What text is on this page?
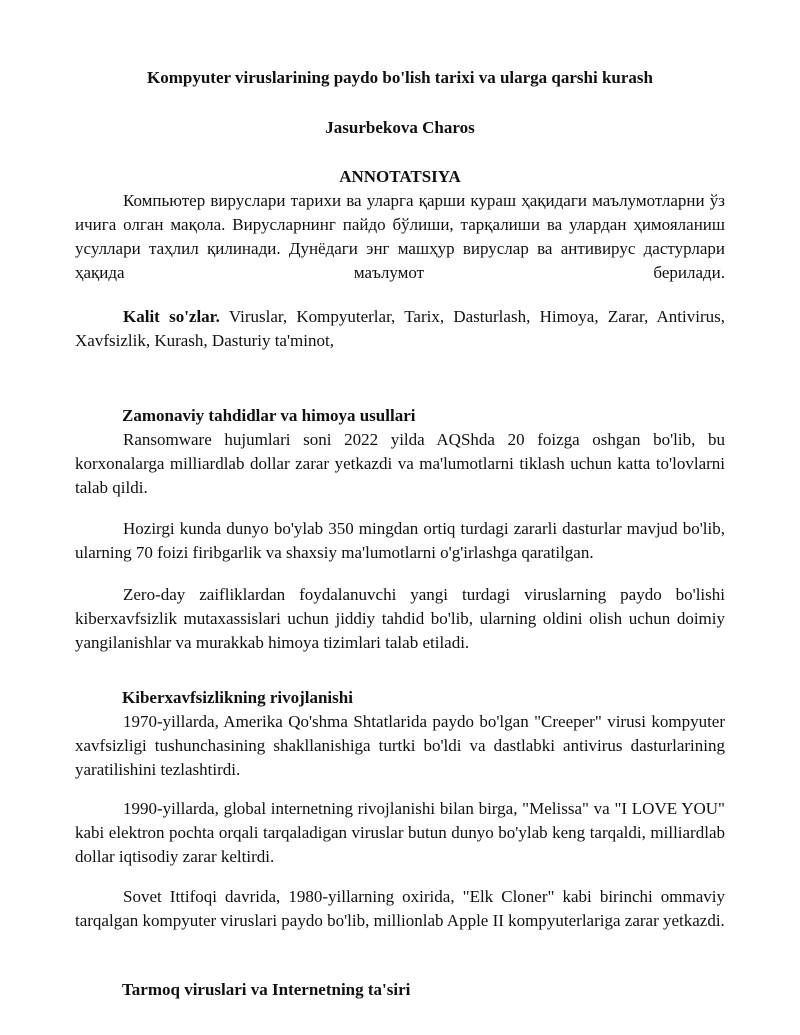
Kompyuter viruslarining paydo bo'lish tarixi va ularga qarshi kurash
Jasurbekova Charos
ANNOTATSIYA
Компьютер вируслари тарихи ва уларга қарши кураш ҳақидаги маълумотларни ўз ичига олган мақола. Вирусларнинг пайдо бўлиши, тарқалиши ва улардан ҳимояланиш усуллари таҳлил қилинади. Дунёдаги энг машҳур вируслар ва антивирус дастурлари ҳақида маълумот берилади.
Kalit so'zlar. Viruslar, Kompyuterlar, Tarix, Dasturlash, Himoya, Zarar, Antivirus, Xavfsizlik, Kurash, Dasturiy ta'minot,
Zamonaviy tahdidlar va himoya usullari
Ransomware hujumlari soni 2022 yilda AQShda 20 foizga oshgan bo'lib, bu korxonalarga milliardlab dollar zarar yetkazdi va ma'lumotlarni tiklash uchun katta to'lovlarni talab qildi.
Hozirgi kunda dunyo bo'ylab 350 mingdan ortiq turdagi zararli dasturlar mavjud bo'lib, ularning 70 foizi firibgarlik va shaxsiy ma'lumotlarni o'g'irlashga qaratilgan.
Zero-day zaifliklardan foydalanuvchi yangi turdagi viruslarning paydo bo'lishi kiberxavfsizlik mutaxassislari uchun jiddiy tahdid bo'lib, ularning oldini olish uchun doimiy yangilanishlar va murakkab himoya tizimlari talab etiladi.
Kiberxavfsizlikning rivojlanishi
1970-yillarda, Amerika Qo'shma Shtatlarida paydo bo'lgan "Creeper" virusi kompyuter xavfsizligi tushunchasining shakllanishiga turtki bo'ldi va dastlabki antivirus dasturlarining yaratilishini tezlashtirdi.
1990-yillarda, global internetning rivojlanishi bilan birga, "Melissa" va "I LOVE YOU" kabi elektron pochta orqali tarqaladigan viruslar butun dunyo bo'ylab keng tarqaldi, milliardlab dollar iqtisodiy zarar keltirdi.
Sovet Ittifoqi davrida, 1980-yillarning oxirida, "Elk Cloner" kabi birinchi ommaviy tarqalgan kompyuter viruslari paydo bo'lib, millionlab Apple II kompyuterlariga zarar yetkazdi.
Tarmoq viruslari va Internetning ta'siri
